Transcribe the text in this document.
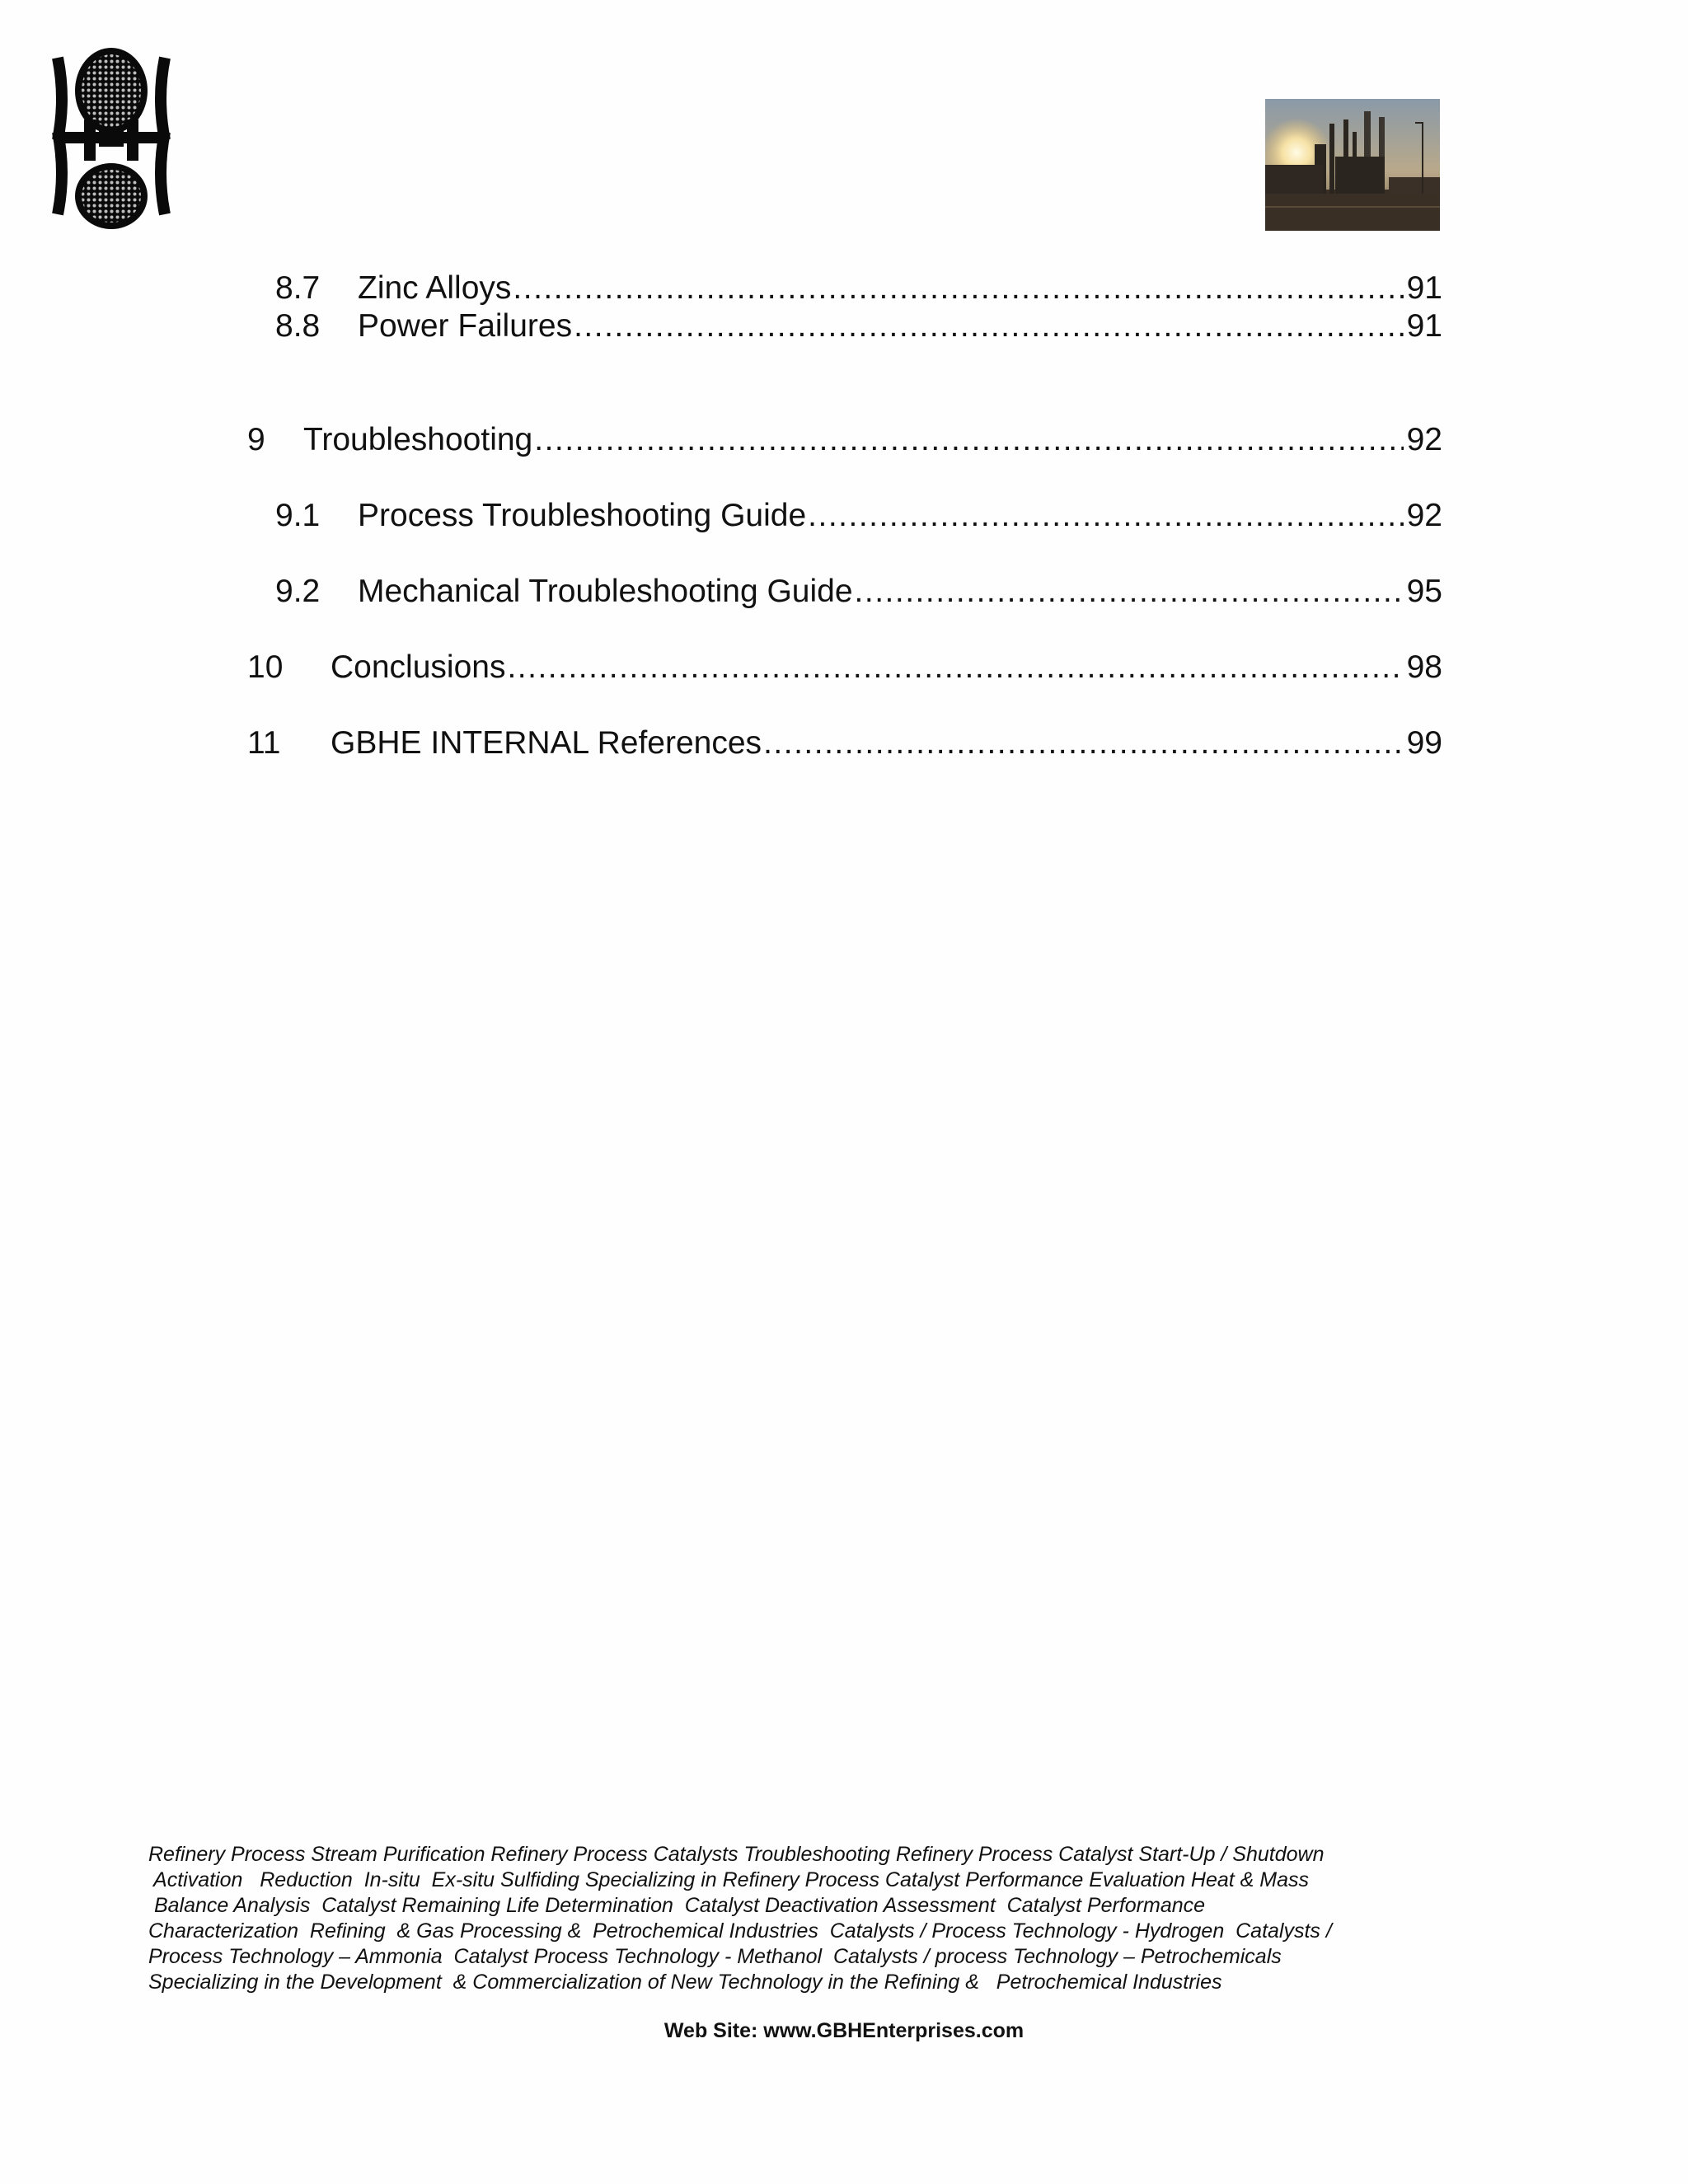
8.7 Zinc Alloys .....	91
8.8 Power Failures .....	91
9 Troubleshooting .....	92
9.1 Process Troubleshooting Guide .....	92
9.2 Mechanical Troubleshooting Guide .....	95
10 Conclusions .....	98
11 GBHE INTERNAL References .....	99
Refinery Process Stream Purification Refinery Process Catalysts Troubleshooting Refinery Process Catalyst Start-Up / Shutdown
Activation   Reduction  In-situ  Ex-situ Sulfiding Specializing in Refinery Process Catalyst Performance Evaluation Heat & Mass
Balance Analysis  Catalyst Remaining Life Determination  Catalyst Deactivation Assessment  Catalyst Performance
Characterization  Refining  & Gas Processing &  Petrochemical Industries  Catalysts / Process Technology - Hydrogen  Catalysts /
Process Technology – Ammonia  Catalyst Process Technology - Methanol  Catalysts / process Technology – Petrochemicals
Specializing in the Development  & Commercialization of New Technology in the Refining &   Petrochemical Industries
Web Site: www.GBHEnterprises.com
